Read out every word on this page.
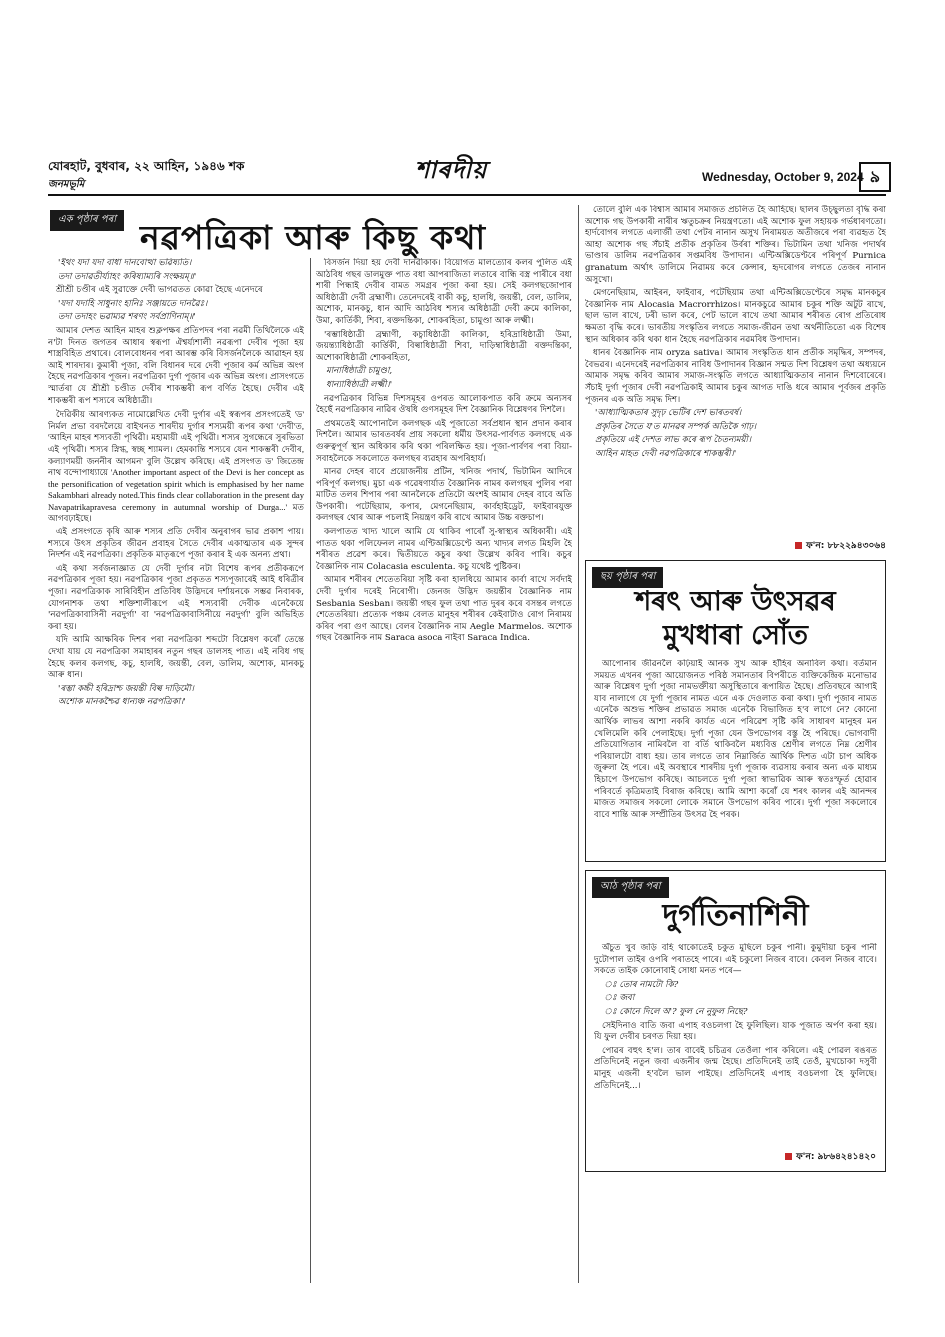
যোৰহাট, বুধবাৰ, ২২ আহিন, ১৯৪৬ শক
জনমভূমি
শাৰদীয়	Wednesday, October 9, 2024 ৯
এক পৃষ্ঠাৰ পৰা নৱপত্ৰিকা আৰু কিছু কথা

'ইথং যদা যদা বাধা দানবোত্থা ভৱিষ্যতি।

তদা তদাৱতীৰ্য্যাহং কৰিষ্যাম্যৰি সংক্ষয়ম্॥'

শ্ৰীশ্ৰী চণ্ডীৰ এই সুৱাক্তে দেবী ভাগৱতত কোৱা হৈছে এনেদৰে

'যদা যদাহি সাধুনাং হানিঃ সঞ্জায়তে দানৱৈঃ।

তদা তদাহং ভৱাম্যৱ শৰণং সৰ্বপ্ৰাণিনাম্॥'

আমাৰ দেশত আহিন মাহৰ শুক্লপক্ষৰ প্ৰতিপদৰ পৰা নৱমী তিথিলৈকে এই ন'টা দিনত জগতৰ আধাৰ স্বৰূপা ঐশ্বৰ্য্যশালী নৱৰূপা দেবীৰ পূজা হয় শাস্ত্ৰবিহিত প্ৰথাৰে। বোলবোধনৰ পৰা আৰম্ভ কৰি বিসৰ্জনলৈকে আৱাহন হয় আই শাৰদাৰ। কুমাৰী পূজা, বলি বিধানৰ দৰে দেবী পূজাৰ কৰ্ম অভিন্ন অংগ হৈছে নৱপত্ৰিকাৰ পূজন। নৱপত্ৰিকা দুৰ্গা পূজাৰ এক অভিন্ন অংগ। প্ৰাসংগতে স্মাৰ্তৰা যে শ্ৰীশ্ৰী চণ্ডীত দেবীৰ শাকম্ভৰী ৰূপ বৰ্ণিত হৈছে। দেবীৰ এই শাকম্ভৰী ৰূপ শস্যৰে অধিষ্ঠাত্ৰী।

দৈৱিকীয় আৰণ্যকত নামোল্লেখিত দেবী দুৰ্গাৰ এই স্বৰূপৰ প্ৰসংগতেই 'ড' নিৰ্মল প্ৰভা বৰদলৈয়ে বাইখনত শাৰদীয় দুৰ্গাৰ শস্যময়ী ৰূপৰ কথা 'দেবী'ত, 'আহিন মাহৰ শস্যবতী পৃথিৱী। মহামায়ী এই পৃথিৱী। শস্যৰ সুগন্ধেৰে সুৰভিতা এই পৃথিৱী। শস্যৰ স্নিগ্ধ, স্বচ্ছ শ্যামল। হেমকান্তি শস্যৰে যেন শাকম্ভৰী দেবীৰ, কল্যাণময়ী জননীৰ আগমন' বুলি উল্লেখ কৰিছে। এই প্ৰসংগত ড' জিতেন্দ্ৰ নাথ বন্দোপাধ্যায়ে 'Another important aspect of the Devi is her concept as the personification of vegetation spirit which is emphasised by her name Sakambhari already noted.This finds clear collaboration in the present day Navapatrikapravesa ceremony in autumnal worship of Durga...' মত আগবঢ়াইছে।

এই প্ৰসংগতে কৃষি আৰু শস্যৰ প্ৰতি দেবীৰ অনুৰাগৰ ভাৱ প্ৰকাশ পায়। শস্যৰে উৎস প্ৰকৃতিৰ জীৱন প্ৰবাহৰ সৈতে দেবীৰ একাত্মতাৰ এক সুন্দৰ নিদৰ্শন এই নৱপত্ৰিকা। প্ৰকৃতিক মাতৃৰূপে পূজা কৰাৰ ই এক অনন্য প্ৰথা।

এই কথা সৰ্বজনাজ্ঞাত যে দেবী দুৰ্গাৰ নটা বিশেষ ৰূপৰ প্ৰতীকৰূপে নৱপত্ৰিকাৰ পূজা হয়। নৱপত্ৰিকাৰ পূজা প্ৰকৃতত শস্যপূজাৰেই আই ধৰিত্ৰীৰ পূজা। নৱপত্ৰিকাক সাৰিবিহীন প্ৰতিবিধ উদ্ভিদৰে দৰ্শায়নকে সম্ভৱ নিবাৰক, যোগনাশক তথা শক্তিশালীৰূপে এই শস্যবাৰী দেবীক এনেকৈয়ে 'নৱপত্ৰিকাবাসিনী নৱদুৰ্গা' বা 'নৱপত্ৰিকাবাসিনীয়ে নৱদুৰ্গা' বুলি অভিহিত কৰা হয়।

যদি আমি আক্ষৰিক দিশৰ পৰা নৱপত্ৰিকা শব্দটো বিশ্লেষণ কৰোঁ তেন্তে দেখা যায় যে নৱপত্ৰিকা সমাহাৰৰ নতুন গছৰ ডালসহ পাত। এই নবিধ গছ হৈছে কলৰ কলগছ, কচু, হালধি, জয়ন্তী, বেল, ডালিম, অশোক, মানকচু আৰু ধান।

'ৰম্ভা কচ্চী হৰিদ্ৰাশ্চ জয়ন্তী বিল্ব দাড়িমৌ।

অশোক মানকশ্চৈৱ ধান্যঞ্চ নৱপত্ৰিকা।'

বিসৰ্জন দিয়া হয় দেবী দানৱীকাক। বিয়োগত মালত্যোৰ কলৰ পুলিত এই আঠবিধ গছৰ ডালমুক্ত পাত বধা আপৰাজিতা লতাৰে বান্ধি বস্ত্ৰ পাৰীৰে বধা শাৰী পিন্ধাই দেবীৰ বামত সমগ্ৰৰ পূজা কৰা হয়। সেই কলগছজোপাৰ অধিষ্ঠাত্ৰী দেবী ব্ৰহ্মাণী। তেনেদৰেই বাকী কচু, হালধি, জয়ন্তী, বেল, ডালিম, অশোক, মানকচু, ধান আদি আঠবিধ শস্যৰ অধিষ্ঠাত্ৰী দেবী ক্ৰমে কালিকা, উমা, কাৰ্তিকী, শিবা, ৰক্তদন্তিকা, শোকৰহিতা, চামুণ্ডা আৰু লক্ষ্মী।

'ৰম্ভাধিষ্ঠাত্ৰী ব্ৰহ্মাণী, কচ্বাধিষ্ঠাত্ৰী কালিকা, হৰিদ্ৰাধিষ্ঠাত্ৰী উমা, জয়ন্ত্যাধিষ্ঠাত্ৰী কাৰ্ত্তিকী, বিল্বাধিষ্ঠাত্ৰী শিবা, দাড়িম্বাধিষ্ঠাত্ৰী ৰক্তদন্তিকা, অশোকাধিষ্ঠাত্ৰী শোকৰহিতা,

মানাধিষ্ঠাত্ৰী চামুণ্ডা,

ধান্যাধিষ্ঠাত্ৰী লক্ষ্মী।'

নৱপত্ৰিকাৰ বিভিন্ন দিশসমূহৰ ওপৰত আলোকপাত কৰি ক্ৰমে অন্যসৰ হৈছেঁ নৱপত্ৰিকাৰ নাৱিৰ ঔষধি গুণসমূহৰ দিশ বৈজ্ঞানিক বিশ্লেষণৰ দিশলৈ।

প্ৰথমতেই আপোনালৈ কলগছক এই পূজাতো সৰ্বপ্ৰধান স্থান প্ৰদান কৰাৰ দিশলৈ। আমাৰ ভাৰতবৰ্ষৰ প্ৰায় সকলো ধৰ্মীয় উৎসৱ-পাৰ্বণত কলগছে এক গুৰুত্বপূৰ্ণ স্থান অধিকাৰ কৰি থকা পৰিলক্ষিত হয়। পূজা-পাৰ্বণৰ পৰা বিয়া-সবাহলৈকে সকলোতে কলগছৰ ব্যৱহাৰ অপৰিহাৰ্য।

মানৱ দেহৰ বাবে প্ৰয়োজনীয় প্ৰটিন, খনিজ পদাৰ্থ, ভিটামিন আদিৰে পৰিপূৰ্ণ কলগছ। মুচা এক গৱেষণাৰ্যাত বৈজ্ঞানিক নামৰ কলগছৰ পুলিৰ পৰা মাটিত তলৰ শিপাৰ পৰা আনলৈকে প্ৰতিটো অংশই আমাৰ দেহৰ বাবে অতি উপকাৰী। পটেছিয়াম, কপাৰ, মেগনেছিয়াম, কাৰ্বহাইড্ৰেট, ফাইবাৰযুক্ত কলগছৰ থোৰ আৰু পচলাই নিয়ন্ত্ৰণ কৰি ৰাখে আমাৰ উচ্চ ৰক্তচাপ।

কলপাতত খাদ্য খালে আমি যে থাকিব পাৰোঁ সু-স্বাস্থ্যৰ অধিকাৰী। এই পাতত থকা পলিফেনল নামৰ এণ্টিঅক্সিডেণ্টে অন্য খাদ্যৰ লগত মিহলি হৈ শৰীৰত প্ৰৱেশ কৰে। দ্বিতীয়তে কচুৰ কথা উল্লেখ কৰিব পাৰি। কচুৰ বৈজ্ঞানিক নাম Colacasia esculenta. কচু যথেষ্ট পুষ্টিকৰ।

আমাৰ শৰীৰৰ শেতেতৰিয়া সৃষ্টি কৰা হালধিয়ে আমাৰ কাৰ্বা ৰাখে সৰ্বদাই দেবী দুৰ্গাৰ দৰেই নিৰোগী। জেনজ উদ্ভিদ জয়ন্তীৰ বৈজ্ঞানিক নাম Sesbania Sesban। জয়ন্তী গছৰ ফুল তথা পাত দুৰৰ কৰে বসন্তৰ লগতে শেতেতৰিয়া। প্ৰত্যেক পঞ্চম বেলত মানুহৰ শৰীৰৰ কেইবাটাও ৰোগ নিৰাময় কৰিব পৰা গুণ আছে। বেলৰ বৈজ্ঞানিক নাম Aegle Marmelos. অশোক গছৰ বৈজ্ঞানিক নাম Saraca asoca নাইবা Saraca Indica.

তোলে বুলি এক বিশ্বাস আমাৰ সমাজত প্ৰচলিত হৈ আহিছে। ছালৰ উচ্ছ্বলতা বৃদ্ধি কৰা অশোক গছ উপকাৰী নাৰীৰ ঋতুচক্ৰৰ নিয়ন্ত্ৰণতো। এই অশোক ফুল সহায়ক গৰ্ভধাৰণতো। হাৰ্দবোগৰ লগতে এলাৰ্জী তথা পেটৰ নানান অসুখ নিৰাময়ত অতীজৰে পৰা ব্যৱহৃত হৈ আহা অশোক গছ সঁচাই প্ৰতীক প্ৰকৃতিৰ উৰ্বৰা শক্তিৰ। ভিটামিন তথা খনিজ পদাৰ্থৰ ভাণ্ডাৰ ডালিম নৱপত্ৰিকাৰ সপ্তমবিধ উপাদান। এন্টিঅক্সিডেণ্টৰে পৰিপূৰ্ণ Purnica granatum অৰ্থাৎ ডালিমে নিৱাময় কৰে কেন্সাৰ, হৃদৰোগৰ লগতে তেজৰ নানান অসুখো।

মেগনেছিয়াম, আইৰন, ফাইবাৰ, পটেছিয়াম তথা এন্টিঅক্সিডেণ্টেৰে সমৃদ্ধ মানকচুৰ বৈজ্ঞানিক নাম Alocasia Macrorrhizos। মানকচুৱে আমাৰ চকুৰ শক্তি অটুট ৰাখে, ছাল ভাল ৰাখে, ঢৰী ভাল কৰে, পেট ভালে ৰাখে তথা আমাৰ শৰীৰত ৰোগ প্ৰতিৰোধ ক্ষমতা বৃদ্ধি কৰে। ভাৰতীয় সংস্কৃতিৰ লগতে সমাজ-জীৱন তথা অৰ্থনীতিতো এক বিশেষ স্থান অধিকাৰ কৰি থকা ধান হৈছে নৱপত্ৰিকাৰ নৱমবিধ উপাদান।

ধানৰ বৈজ্ঞানিক নাম oryza sativa। আমাৰ সংস্কৃতিত ধান প্ৰতীক সমৃদ্ধিৰ, সম্পদৰ, বৈভৱৰ। এনেদৰেই নৱপত্ৰিকাৰ নাবিধ উপাদানৰ বিজ্ঞান সন্মত দিশ বিশ্লেষণ তথা অধ্যয়নে আমাক সমৃদ্ধ কৰিব আমাৰ সমাজ-সংস্কৃতি লগতে আধ্যাত্মিকতাৰ নানান দিশবোৰেৰে। সঁচাই দুৰ্গা পূজাৰ দেবী নৱপত্ৰিকাই আমাৰ চকুৰ আগত দাঙি ধৰে আমাৰ পূৰ্বজৰ প্ৰকৃতি পূজনৰ এক অতি সমৃদ্ধ দিশ।

'আধ্যাত্মিকতাৰ সুদৃঢ় ভেটিৰ দেশ ভাৰতবৰ্ষ।

প্ৰকৃতিৰ সৈতে য'ত মানৱৰ সম্পৰ্ক অতিকৈ গাঢ়।

প্ৰকৃতিয়ে এই দেশত লাভ কৰে ৰূপ চৈতন্যময়ী।

আহিন মাহত দেবী নৱপত্ৰিকাৰে শাকম্ভৰী।'

ফ'ন: ৮৮২২৯৪৩০৬৪
ছয় পৃষ্ঠাৰ পৰা
শৰৎ আৰু উৎসৱৰ
মুখধাৰা সোঁত

আপোনাৰ জীৱনলৈ কঢ়িয়াই আনক সুখ আৰু হাঁহিৰ অনাবিল কথা। বৰ্তমান সময়ত এখনৰ পূজা আয়োজনত পৰিষ্ঠ সমানতাৰ বিপৰীতে ব্যক্তিকেন্দ্ৰিক মনোভাৱ আৰু বিশ্লেষণ দুৰ্গা পূজা নামভক্তীয়া অসুস্থিতাৰে ৰূপায়িত হৈছে। প্ৰতিবছৰে আগাই যাব নালাগে যে দুৰ্গা পূজাৰ নামত এনে এক দেওলাত কৰা কথা। দুৰ্গা পূজাৰ নামত এনেকৈ অশুভ শক্তিৰ প্ৰভাৱত সমাজ এনেকৈ বিভাজিত হ'ব লাগে নে? কোনো আৰ্থিক লাভৰ আশা নকৰি কাৰ্যত এনে পৰিৱেশ সৃষ্টি কৰি সাধাৰণ মানুহৰ মন খেলিমেলি কৰি পেলাইছে। দুৰ্গা পূজা যেন উপভোগৰ বস্তু হৈ পৰিছে। ভোগবাদী প্ৰতিযোগিতাৰ নামিবলৈ বা বৰ্তি থাকিবলৈ মধ্যবিত্ত শ্ৰেণীৰ লগতে নিম্ন শ্ৰেণীৰ পৰিয়ালটো বাধ্য হয়। তাৰ লগতে তাৰ নিম্নাৰ্জিত আৰ্থিক দিশত এটা চাপ অধিক জুৰুলা হৈ পৰে। এই অবস্থাৰে শাৰদীয় দুৰ্গা পূজাক ব্যৱসায় কৰাৰ অন্য এক মাধ্যম হিচাপে উপভোগ কৰিছে। আচলতে দুৰ্গা পূজা স্বাভাৱিক আৰু স্বতঃস্ফূৰ্ত হোৱাৰ পৰিবৰ্তে কৃত্ৰিমতাই বিৰাজ কৰিছে। আমি আশা কৰোঁ যে শৰৎ কালৰ এই আনন্দৰ মাজত সমাজৰ সকলো লোকে সমানে উপভোগ কৰিব পাৰে। দুৰ্গা পূজা সকলোৰে বাবে শান্তি আৰু সম্প্ৰীতিৰ উৎসৱ হৈ পৰক।

আঠ পৃষ্ঠাৰ পৰা
দুৰ্গতিনাশিনী

অঁচুত খুব জড়ি বহি থাকোতেই চকুত মুছিলে চকুৰ পানী। কুমুদীয়া চকুৰ পানী দুটোপাল তাইৰ ওপৰি পৰাতহে পাৰে। এই চকুলো নিজৰ বাবে। কেবল নিজৰ বাবে। সকতে তাইক কোনোবাই সোধা মনত পৰে—

ঃ তোৰ নামটো কি?

ঃ জবা

ঃ কোনে দিলে অ'? ফুল নে নুফুল নিছে?

সেইদিনাও বাতি জবা এপাহ বওচলগা হৈ ফুলিছিল। যাক পূজাত অৰ্পণ কৰা হয়। যি ফুল দেবীৰ চৰণত দিয়া হয়।

পোৱৰ বহুৎ হ'ল। তাৰ বাবেই চচিত্ৰৰ তেওঁলা পাৰ কৰিলে। এই পোৱল ৰঙৰত প্ৰতিদিনেই নতুন জবা এজনীৰ জন্ম হৈছে। প্ৰতিদিনেই তাই তেওঁ, মুখচোকা দসুবী মানুহ এজনী হ'বলৈ ভাল পাইছে। প্ৰতিদিনেই এপাহ বওচলগা হৈ ফুলিছে। প্ৰতিদিনেই...।

ফ'ন: ৯৮৬৪২৪১৪২০
